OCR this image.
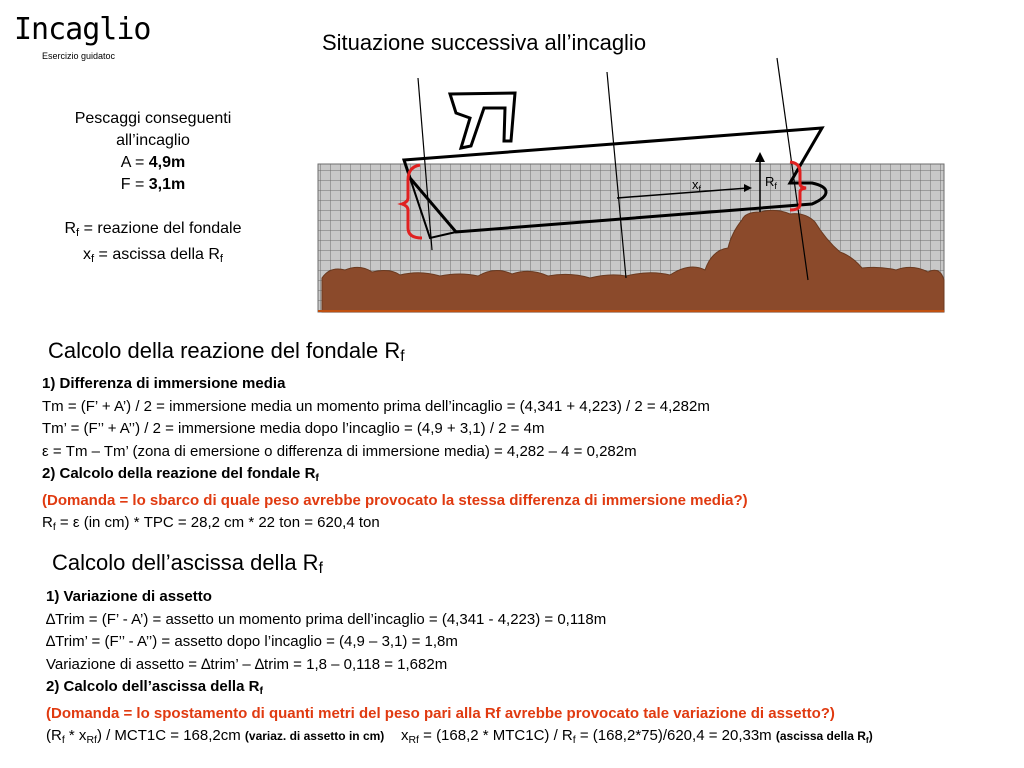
Incaglio
Esercizio guidatoc
Situazione successiva all’incaglio
Pescaggi conseguenti
all’incaglio
A = 4,9m
F = 3,1m
$R_f$ = reazione del fondale
$x_f$ = ascissa della $R_f$
$x_f$	$R_f$
Calcolo della reazione del fondale $R_f$
1) Differenza di immersione media
Tm = (F’ + A’) / 2 = immersione media un momento prima dell’incaglio = (4,341 + 4,223) / 2 = 4,282m
Tm’ = (F’’ + A’’) / 2 = immersione media dopo l’incaglio = (4,9 + 3,1) / 2 = 4m
ε = Tm – Tm’ (zona di emersione o differenza di immersione media) = 4,282 – 4 = 0,282m
2) Calcolo della reazione del fondale $R_f$
(Domanda = lo sbarco di quale peso avrebbe provocato la stessa differenza di immersione media?)
$R_f = \varepsilon$ (in cm) * TPC = 28,2 cm * 22 ton = 620,4 ton
Calcolo dell’ascissa della $R_f$
1) Variazione di assetto
∆Trim = (F’ - A’) = assetto un momento prima dell’incaglio = (4,341 - 4,223) = 0,118m
∆Trim’ = (F’’ - A’’) = assetto dopo l’incaglio = (4,9 – 3,1) = 1,8m
Variazione di assetto = ∆trim’ – ∆trim = 1,8 – 0,118 = 1,682m
2) Calcolo dell’ascissa della $R_f$
(Domanda = lo spostamento di quanti metri del peso pari alla Rf avrebbe provocato tale variazione di assetto?)
$(R_f * x_{Rf}) / MCT1C = 168,2cm$ (variaz. di assetto in cm)    $x_{Rf} = (168,2 * MTC1C) / R_f = (168,2*75)/620,4 = 20,33m$ (ascissa della $R_f$)
